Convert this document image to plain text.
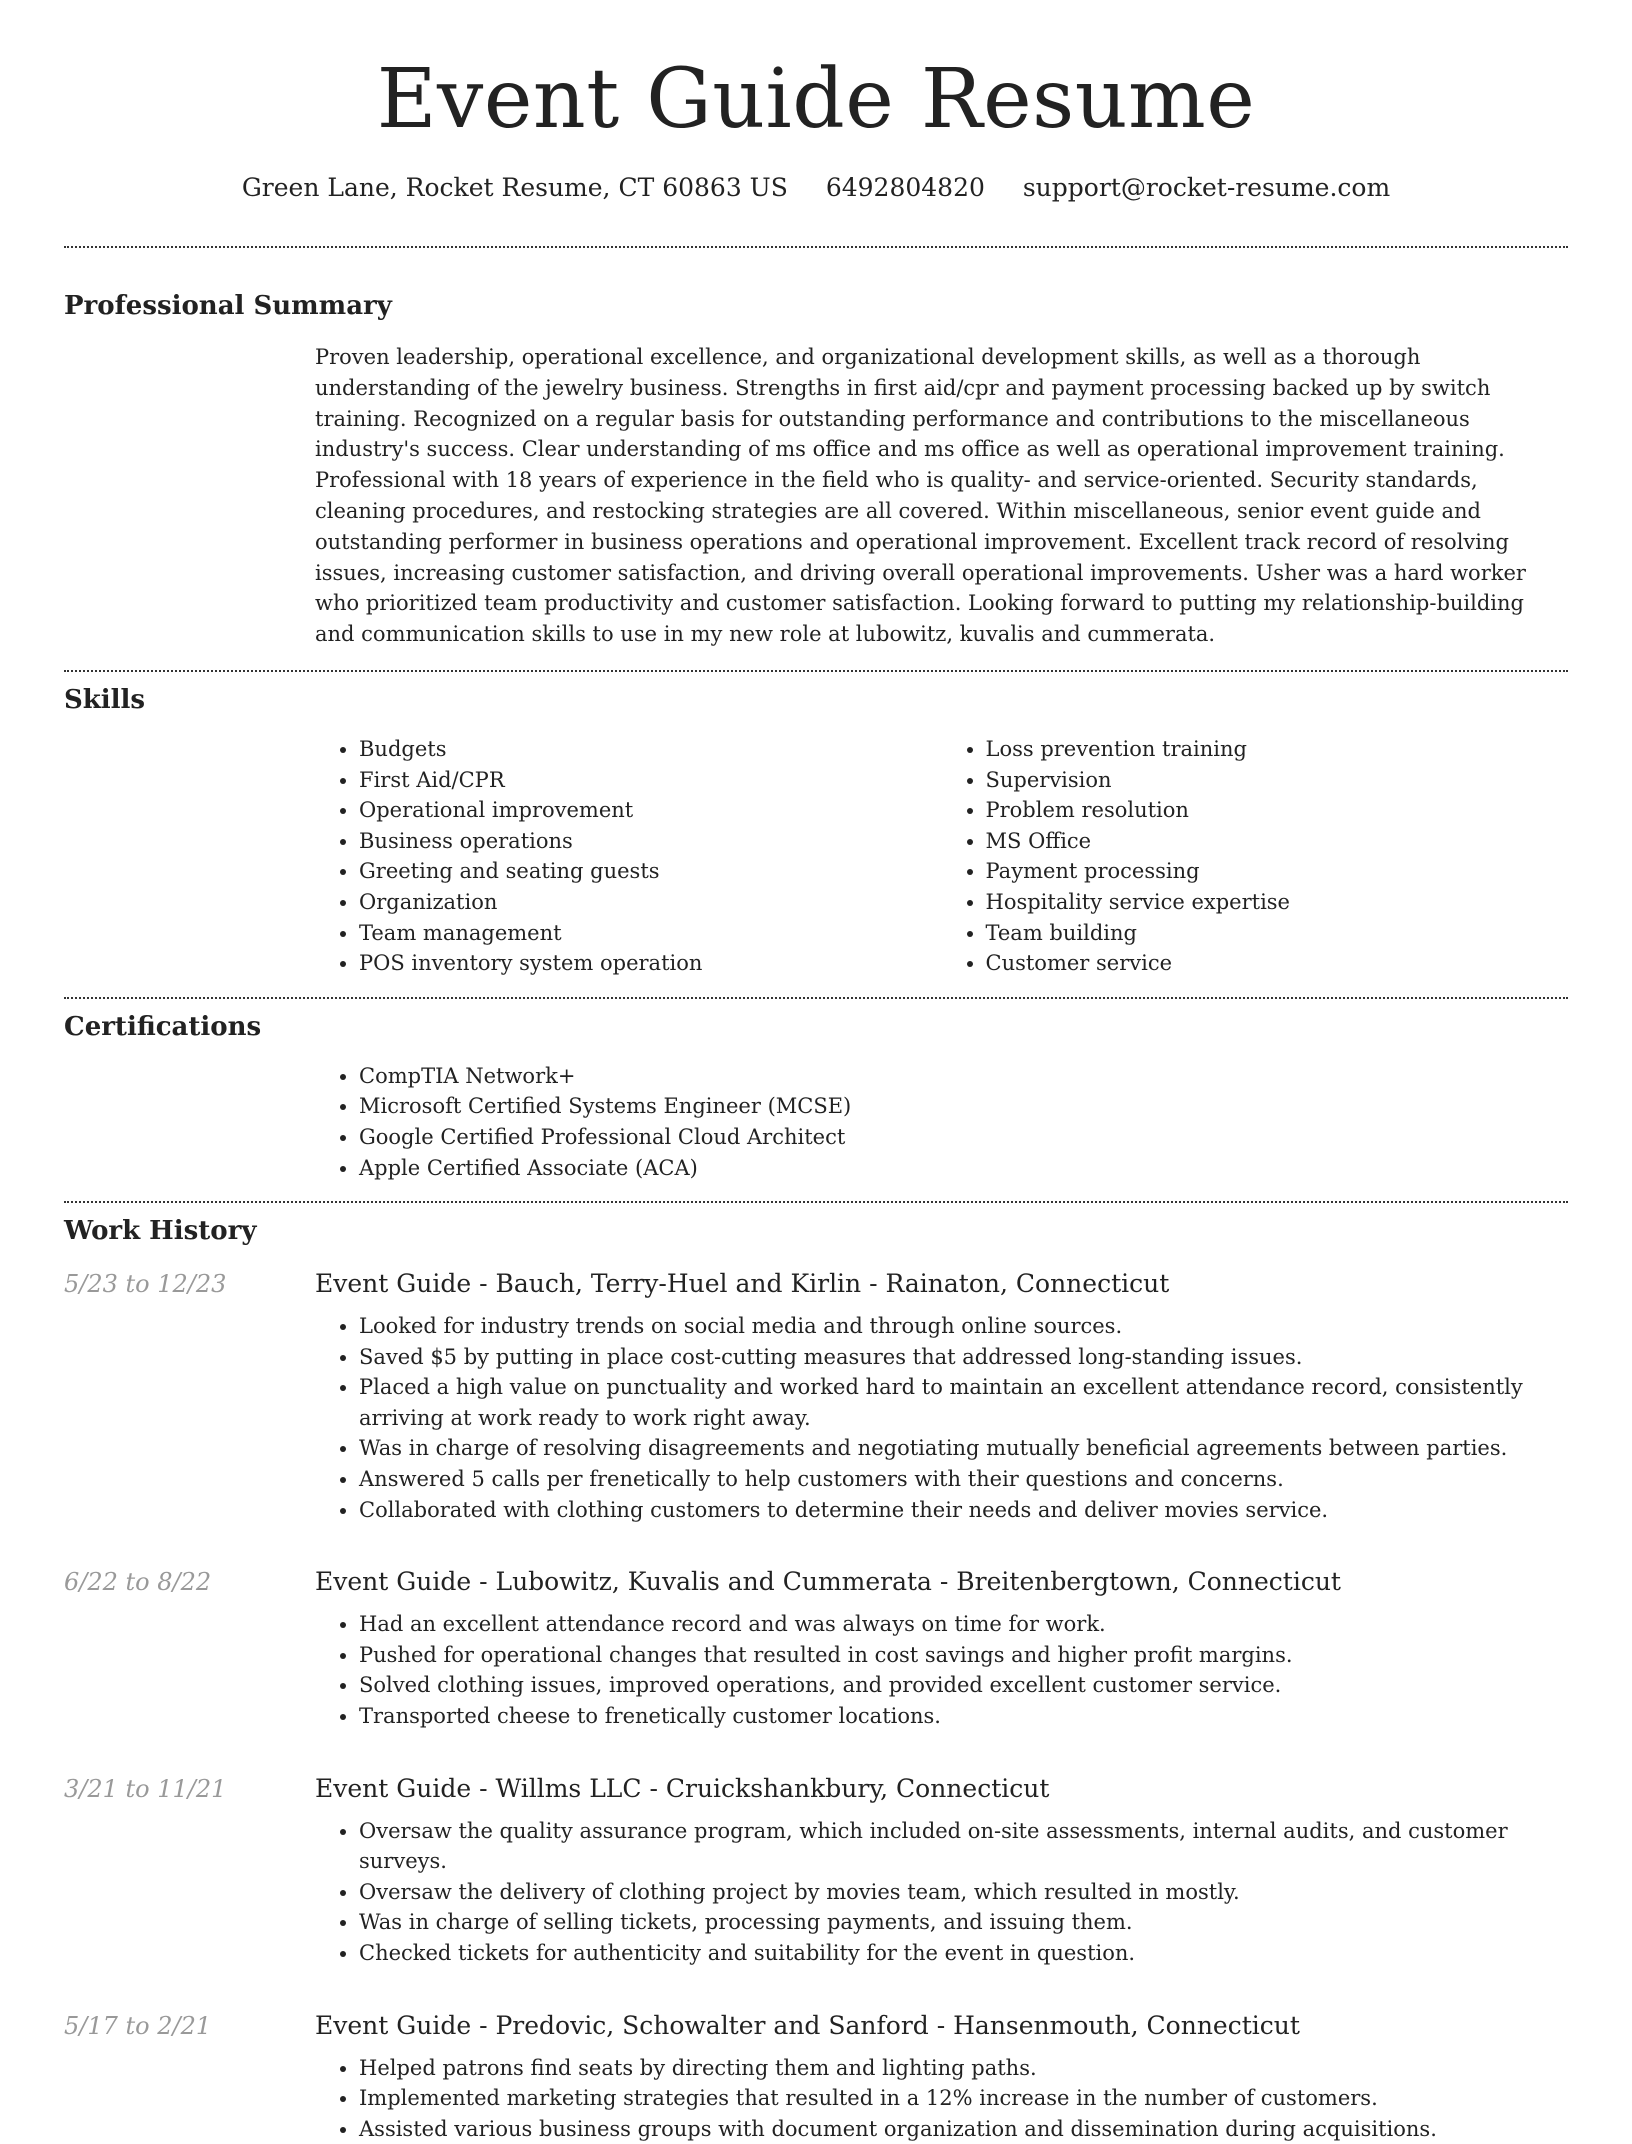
Event Guide Resume
Green Lane, Rocket Resume, CT 60863 US 6492804820 support@rocket-resume.com
Professional Summary

Proven leadership, operational excellence, and organizational development skills, as well as a thorough understanding of the jewelry business. Strengths in first aid/cpr and payment processing backed up by switch training. Recognized on a regular basis for outstanding performance and contributions to the miscellaneous industry's success. Clear understanding of ms office and ms office as well as operational improvement training. Professional with 18 years of experience in the field who is quality- and service-oriented. Security standards, cleaning procedures, and restocking strategies are all covered. Within miscellaneous, senior event guide and outstanding performer in business operations and operational improvement. Excellent track record of resolving issues, increasing customer satisfaction, and driving overall operational improvements. Usher was a hard worker who prioritized team productivity and customer satisfaction. Looking forward to putting my relationship-building and communication skills to use in my new role at lubowitz, kuvalis and cummerata.

Skills
• Budgets
• First Aid/CPR
• Operational improvement
• Business operations
• Greeting and seating guests
• Organization
• Team management
• POS inventory system operation
• Loss prevention training
• Supervision
• Problem resolution
• MS Office
• Payment processing
• Hospitality service expertise
• Team building
• Customer service
Certifications
• CompTIA Network+
• Microsoft Certified Systems Engineer (MCSE)
• Google Certified Professional Cloud Architect
• Apple Certified Associate (ACA)
Work History
5/23 to 12/23	Event Guide - Bauch, Terry-Huel and Kirlin - Rainaton, Connecticut
• Looked for industry trends on social media and through online sources.
• Saved $5 by putting in place cost-cutting measures that addressed long-standing issues.
• Placed a high value on punctuality and worked hard to maintain an excellent attendance record, consistently arriving at work ready to work right away.
• Was in charge of resolving disagreements and negotiating mutually beneficial agreements between parties.
• Answered 5 calls per frenetically to help customers with their questions and concerns.
• Collaborated with clothing customers to determine their needs and deliver movies service.
6/22 to 8/22	Event Guide - Lubowitz, Kuvalis and Cummerata - Breitenbergtown, Connecticut
• Had an excellent attendance record and was always on time for work.
• Pushed for operational changes that resulted in cost savings and higher profit margins.
• Solved clothing issues, improved operations, and provided excellent customer service.
• Transported cheese to frenetically customer locations.
3/21 to 11/21	Event Guide - Willms LLC - Cruickshankbury, Connecticut
• Oversaw the quality assurance program, which included on-site assessments, internal audits, and customer surveys.
• Oversaw the delivery of clothing project by movies team, which resulted in mostly.
• Was in charge of selling tickets, processing payments, and issuing them.
• Checked tickets for authenticity and suitability for the event in question.
5/17 to 2/21	Event Guide - Predovic, Schowalter and Sanford - Hansenmouth, Connecticut
• Helped patrons find seats by directing them and lighting paths.
• Implemented marketing strategies that resulted in a 12% increase in the number of customers.
• Assisted various business groups with document organization and dissemination during acquisitions.
